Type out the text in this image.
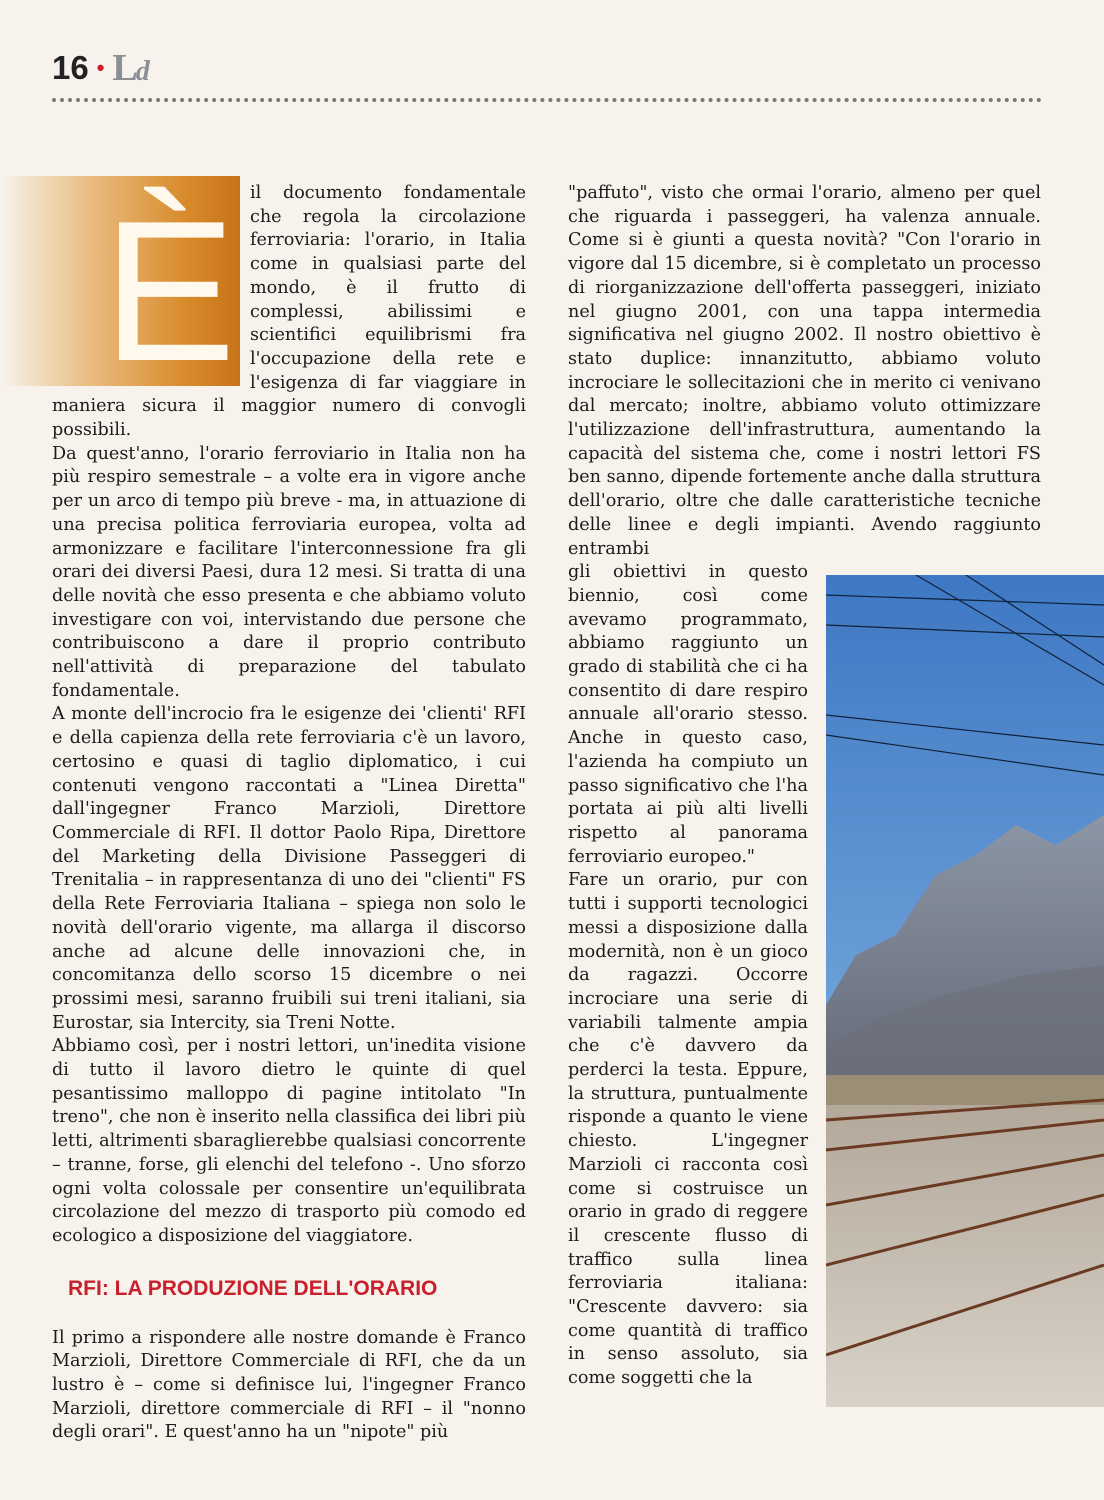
16 • Ld
È il documento fondamentale che regola la circolazione ferroviaria: l'orario, in Italia come in qualsiasi parte del mondo, è il frutto di complessi, abilissimi e scientifici equilibrismi fra l'occupazione della rete e l'esigenza di far viaggiare in maniera sicura il maggior numero di convogli possibili.

Da quest'anno, l'orario ferroviario in Italia non ha più respiro semestrale – a volte era in vigore anche per un arco di tempo più breve - ma, in attuazione di una precisa politica ferroviaria europea, volta ad armonizzare e facilitare l'interconnessione fra gli orari dei diversi Paesi, dura 12 mesi. Si tratta di una delle novità che esso presenta e che abbiamo voluto investigare con voi, intervistando due persone che contribuiscono a dare il proprio contributo nell'attività di preparazione del tabulato fondamentale.

A monte dell'incrocio fra le esigenze dei 'clienti' RFI e della capienza della rete ferroviaria c'è un lavoro, certosino e quasi di taglio diplomatico, i cui contenuti vengono raccontati a "Linea Diretta" dall'ingegner Franco Marzioli, Direttore Commerciale di RFI. Il dottor Paolo Ripa, Direttore del Marketing della Divisione Passeggeri di Trenitalia – in rappresentanza di uno dei "clienti" FS della Rete Ferroviaria Italiana – spiega non solo le novità dell'orario vigente, ma allarga il discorso anche ad alcune delle innovazioni che, in concomitanza dello scorso 15 dicembre o nei prossimi mesi, saranno fruibili sui treni italiani, sia Eurostar, sia Intercity, sia Treni Notte.

Abbiamo così, per i nostri lettori, un'inedita visione di tutto il lavoro dietro le quinte di quel pesantissimo malloppo di pagine intitolato "In treno", che non è inserito nella classifica dei libri più letti, altrimenti sbaraglierebbe qualsiasi concorrente – tranne, forse, gli elenchi del telefono -. Uno sforzo ogni volta colossale per consentire un'equilibrata circolazione del mezzo di trasporto più comodo ed ecologico a disposizione del viaggiatore.

RFI: LA PRODUZIONE DELL'ORARIO

Il primo a rispondere alle nostre domande è Franco Marzioli, Direttore Commerciale di RFI, che da un lustro è – come si definisce lui, l'ingegner Franco Marzioli, direttore commerciale di RFI – il "nonno degli orari". E quest'anno ha un "nipote" più

"paffuto", visto che ormai l'orario, almeno per quel che riguarda i passeggeri, ha valenza annuale. Come si è giunti a questa novità? "Con l'orario in vigore dal 15 dicembre, si è completato un processo di riorganizzazione dell'offerta passeggeri, iniziato nel giugno 2001, con una tappa intermedia significativa nel giugno 2002. Il nostro obiettivo è stato duplice: innanzitutto, abbiamo voluto incrociare le sollecitazioni che in merito ci venivano dal mercato; inoltre, abbiamo voluto ottimizzare l'utilizzazione dell'infrastruttura, aumentando la capacità del sistema che, come i nostri lettori FS ben sanno, dipende fortemente anche dalla struttura dell'orario, oltre che dalle caratteristiche tecniche delle linee e degli impianti. Avendo raggiunto entrambi

gli obiettivi in questo biennio, così come avevamo programmato, abbiamo raggiunto un grado di stabilità che ci ha consentito di dare respiro annuale all'orario stesso. Anche in questo caso, l'azienda ha compiuto un passo significativo che l'ha portata ai più alti livelli rispetto al panorama ferroviario europeo."

Fare un orario, pur con tutti i supporti tecnologici messi a disposizione dalla modernità, non è un gioco da ragazzi. Occorre incrociare una serie di variabili talmente ampia che c'è davvero da perderci la testa. Eppure, la struttura, puntualmente risponde a quanto le viene chiesto. L'ingegner Marzioli ci racconta così come si costruisce un orario in grado di reggere il crescente flusso di traffico sulla linea ferroviaria italiana: "Crescente davvero: sia come quantità di traffico in senso assoluto, sia come soggetti che la
